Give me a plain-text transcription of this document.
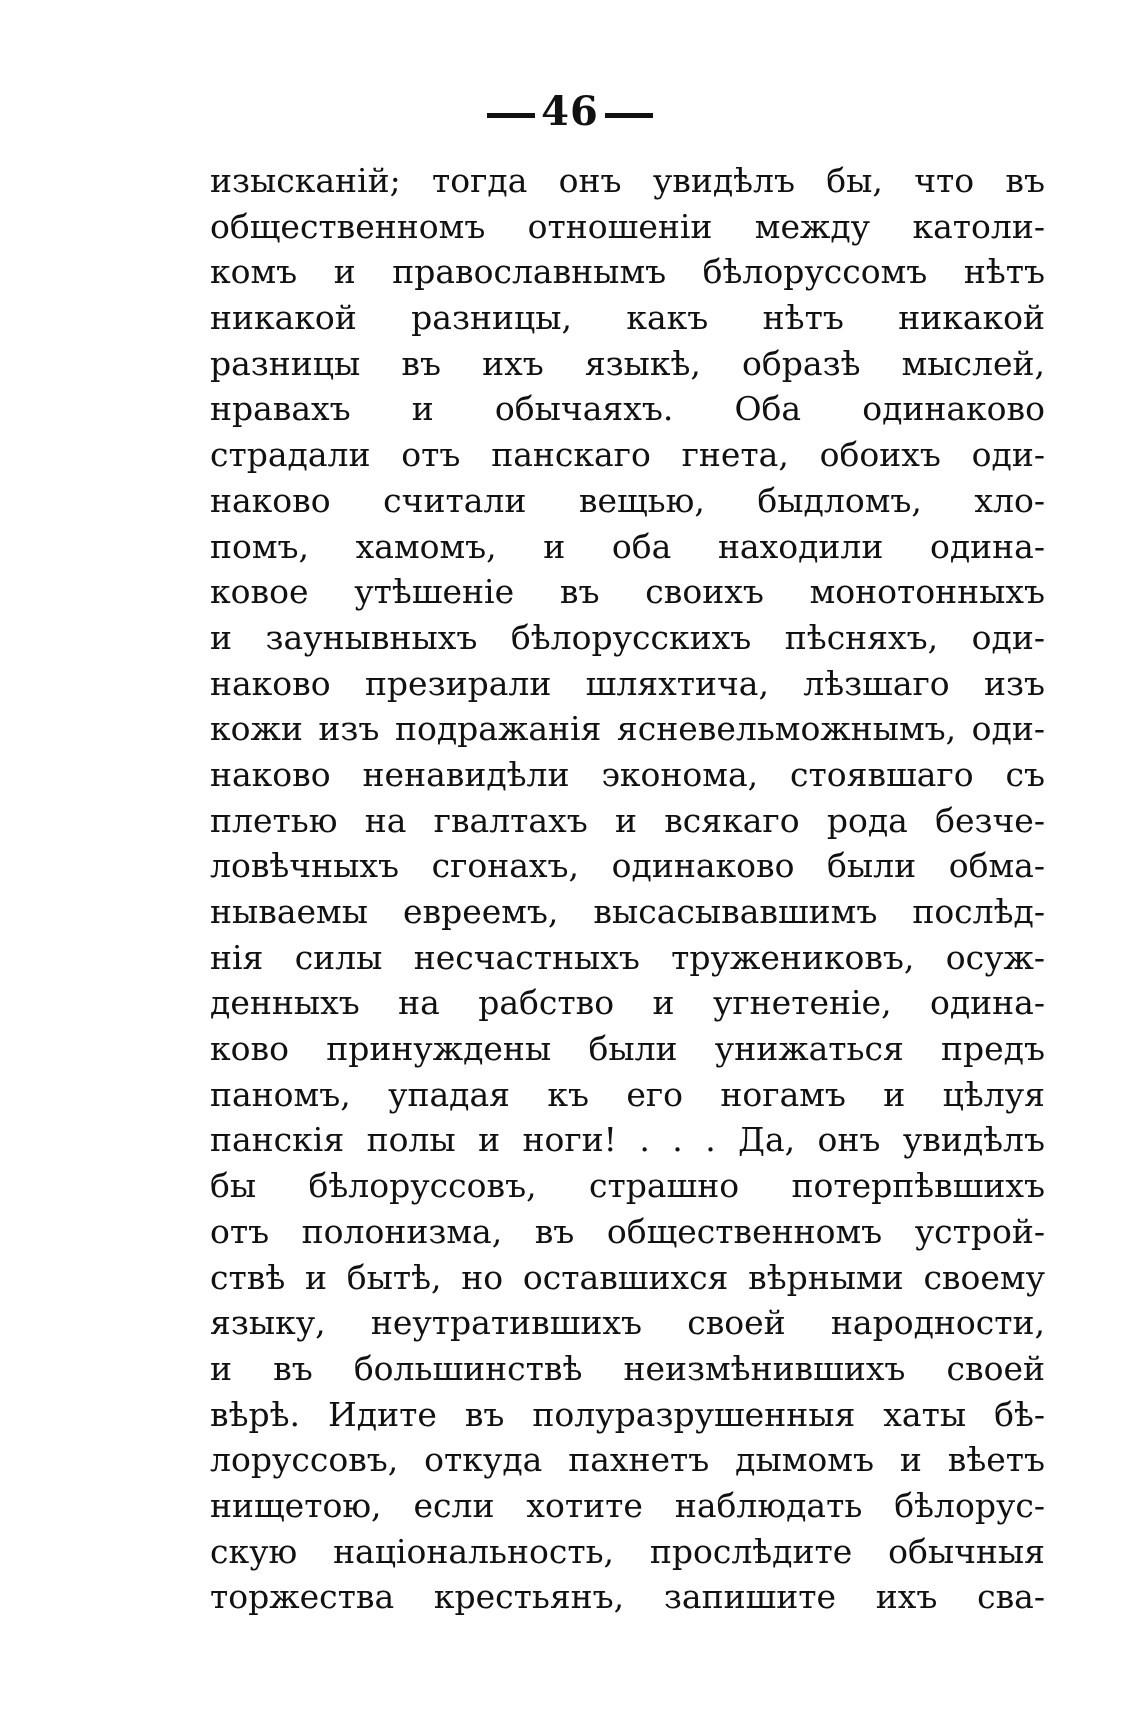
46
изысканій; тогда онъ увидѣлъ бы, что въ
общественномъ отношеніи между католи-
комъ и православнымъ бѣлоруссомъ нѣтъ
никакой разницы, какъ нѣтъ никакой
разницы въ ихъ языкѣ, образѣ мыслей,
нравахъ и обычаяхъ. Оба одинаково
страдали отъ панскаго гнета, обоихъ оди-
наково считали вещью, быдломъ, хло-
помъ, хамомъ, и оба находили одина-
ковое утѣшеніе въ своихъ монотонныхъ
и заунывныхъ бѣлорусскихъ пѣсняхъ, оди-
наково презирали шляхтича, лѣзшаго изъ
кожи изъ подражанія ясневельможнымъ, оди-
наково ненавидѣли эконома, стоявшаго съ
плетью на гвалтахъ и всякаго рода безче-
ловѣчныхъ сгонахъ, одинаково были обма-
нываемы евреемъ, высасывавшимъ послѣд-
нія силы несчастныхъ тружениковъ, осуж-
денныхъ на рабство и угнетеніе, одина-
ково принуждены были унижаться предъ
паномъ, упадая къ его ногамъ и цѣлуя
панскія полы и ноги! . . . Да, онъ увидѣлъ
бы бѣлоруссовъ, страшно потерпѣвшихъ
отъ полонизма, въ общественномъ устрой-
ствѣ и бытѣ, но оставшихся вѣрными своему
языку, неутратившихъ своей народности,
и въ большинствѣ неизмѣнившихъ своей
вѣрѣ. Идите въ полуразрушенныя хаты бѣ-
лоруссовъ, откуда пахнетъ дымомъ и вѣетъ
нищетою, если хотите наблюдать бѣлорус-
скую національность, прослѣдите обычныя
торжества крестьянъ, запишите ихъ сва-
